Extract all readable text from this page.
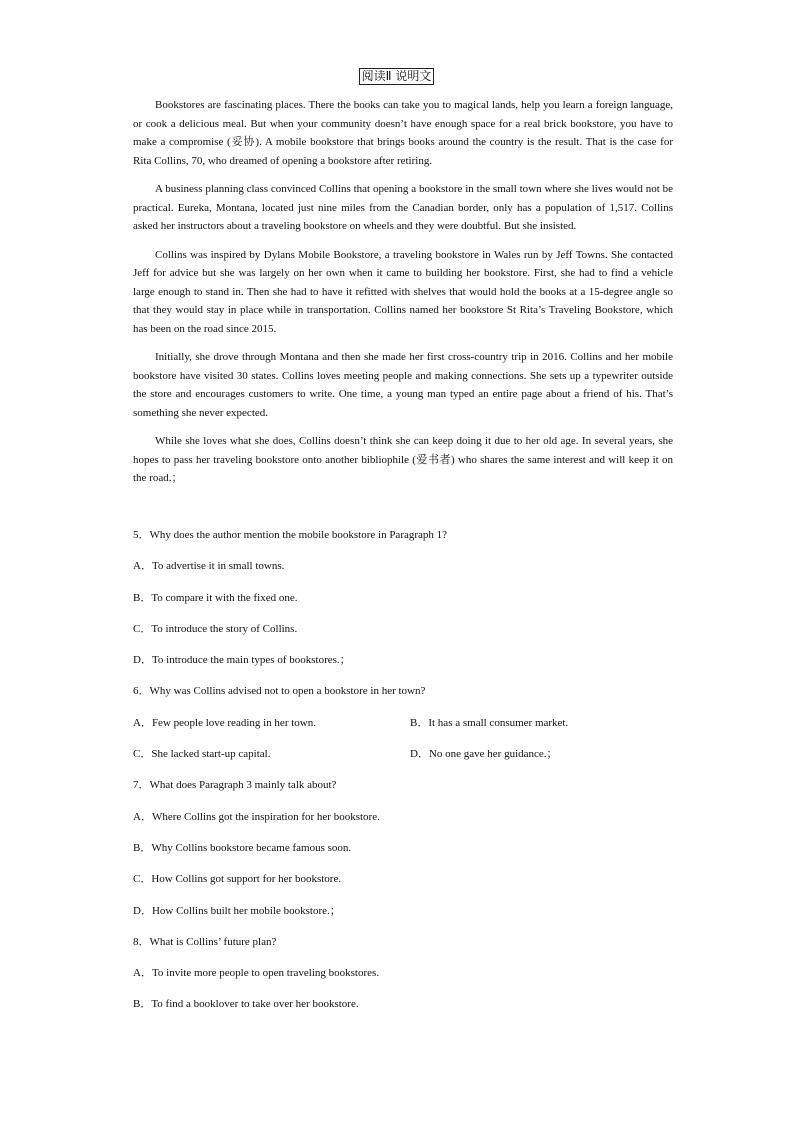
阅读Ⅱ 说明文

Bookstores are fascinating places. There the books can take you to magical lands, help you learn a foreign language, or cook a delicious meal. But when your community doesn’t have enough space for a real brick bookstore, you have to make a compromise (妥协). A mobile bookstore that brings books around the country is the result. That is the case for Rita Collins, 70, who dreamed of opening a bookstore after retiring.

A business planning class convinced Collins that opening a bookstore in the small town where she lives would not be practical. Eureka, Montana, located just nine miles from the Canadian border, only has a population of 1,517. Collins asked her instructors about a traveling bookstore on wheels and they were doubtful. But she insisted.

Collins was inspired by Dylans Mobile Bookstore, a traveling bookstore in Wales run by Jeff Towns. She contacted Jeff for advice but she was largely on her own when it came to building her bookstore. First, she had to find a vehicle large enough to stand in. Then she had to have it refitted with shelves that would hold the books at a 15-degree angle so that they would stay in place while in transportation. Collins named her bookstore St Rita’s Traveling Bookstore, which has been on the road since 2015.

Initially, she drove through Montana and then she made her first cross-country trip in 2016. Collins and her mobile bookstore have visited 30 states. Collins loves meeting people and making connections. She sets up a typewriter outside the store and encourages customers to write. One time, a young man typed an entire page about a friend of his. That’s something she never expected.

While she loves what she does, Collins doesn’t think she can keep doing it due to her old age. In several years, she hopes to pass her traveling bookstore onto another bibliophile (爱书者) who shares the same interest and will keep it on the road.；

5．Why does the author mention the mobile bookstore in Paragraph 1?
A．To advertise it in small towns.
B．To compare it with the fixed one.
C．To introduce the story of Collins.
D．To introduce the main types of bookstores.；
6．Why was Collins advised not to open a bookstore in her town?
A．Few people love reading in her town.	B．It has a small consumer market.
C．She lacked start-up capital.	D．No one gave her guidance.；
7．What does Paragraph 3 mainly talk about?
A．Where Collins got the inspiration for her bookstore.
B．Why Collins bookstore became famous soon.
C．How Collins got support for her bookstore.
D．How Collins built her mobile bookstore.；
8．What is Collins’ future plan?
A．To invite more people to open traveling bookstores.
B．To find a booklover to take over her bookstore.
